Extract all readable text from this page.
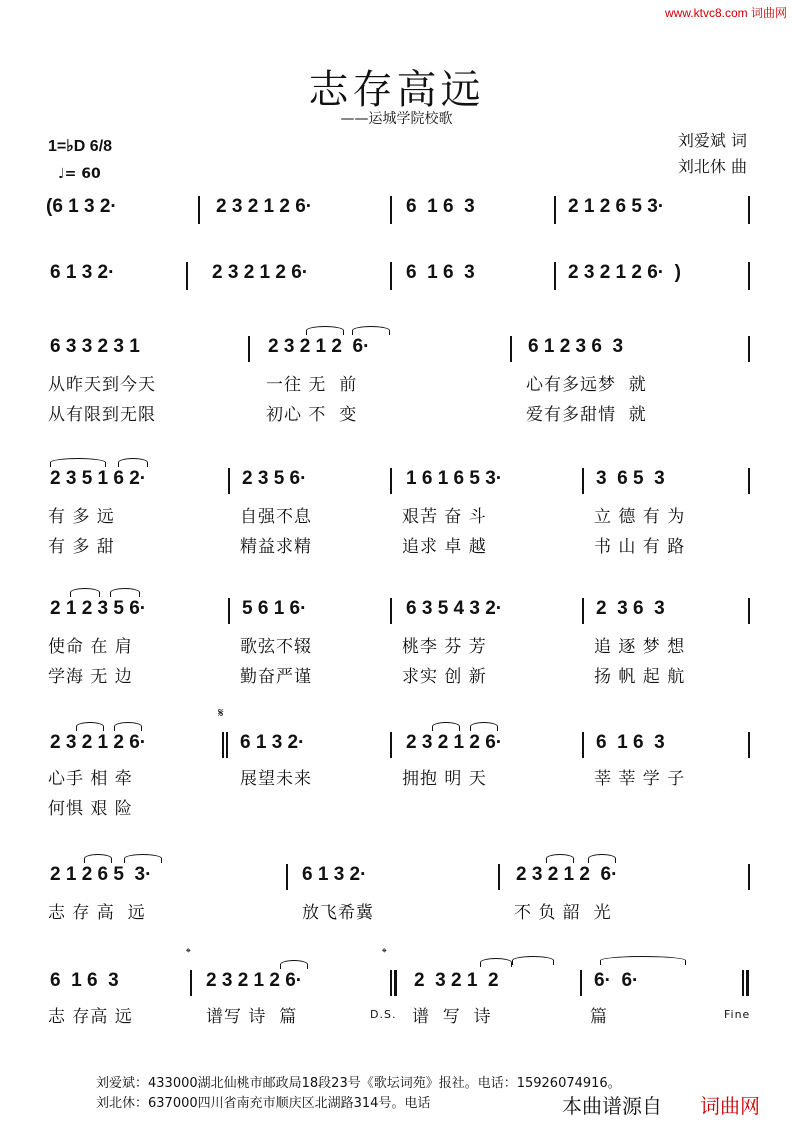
www.ktvc8.com 词曲网
志存高远
——运城学院校歌
1=♭D 6/8
♩= 60
刘爱斌 词
刘北休 曲
(6 1 3 2·	2 3 2 1 2 6·	6  1 6  3	2 1 2 6 5 3·
6 1 3 2·	2 3 2 1 2 6·	6  1 6  3	2 3 2 1 2 6·  )
6 3 3 2 3 1	2 3 2 1 2  6·	6 1 2 3 6  3
从昨天到今天	一往 无  前	心有多远梦  就
从有限到无限	初心 不  变	爱有多甜情  就
2 3 5 1 6 2·	2 3 5 6·	1 6 1 6 5 3·	3  6 5  3
有 多 远	自强不息	艰苦 奋 斗	立 德 有 为
有 多 甜	精益求精	追求 卓 越	书 山 有 路
2 1 2 3 5 6·	5 6 1 6·	6 3 5 4 3 2·	2  3 6  3
使命 在 肩	歌弦不辍	桃李 芬 芳	追 逐 梦 想
学海 无 边	勤奋严谨	求实 创 新	扬 帆 起 航
𝄋
2 3 2 1 2 6·	6 1 3 2·	2 3 2 1 2 6·	6  1 6  3
心手 相 牵	展望未来	拥抱 明 天	莘 莘 学 子
何惧 艰 险
2 1 2 6 5  3·	6 1 3 2·	2 3 2 1 2  6·
志 存 高  远	放飞希冀	不 负 韶  光
𝄌	𝄌
6  1 6  3	2 3 2 1 2 6·	2  3 2 1  2	6·  6·
志 存高 远	谱写 诗  篇	D.S. 谱  写  诗	篇	Fine
刘爱斌：433000湖北仙桃市邮政局18段23号《歌坛词苑》报社。电话：15926074916。
刘北休：637000四川省南充市顺庆区北湖路314号。电话	本曲谱源自 词曲网
